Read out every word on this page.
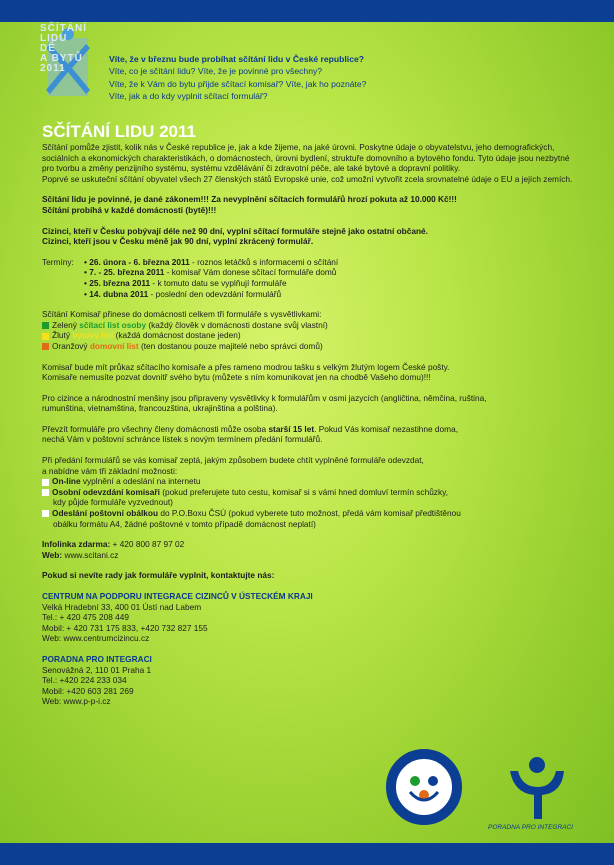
SČÍTÁNÍ
LIDU
DĚ
A BYTŮ
2011
Víte, že v březnu bude probíhat sčítání lidu v České republice?
Víte, co je sčítání lidu? Víte, že je povinné pro všechny?
Víte, že k Vám do bytu přijde sčítací komisař? Víte, jak ho poznáte?
Víte, jak a do kdy vyplnit sčítací formulář?
SČÍTÁNÍ LIDU 2011

Sčítání pomůže zjistit, kolik nás v České republice je, jak a kde žijeme, na jaké úrovni. Poskytne údaje o obyvatelstvu, jeho demografických, sociálních a ekonomických charakteristikách, o domácnostech, úrovni bydlení, struktuře domovního a bytového fondu. Tyto údaje jsou nezbytné pro tvorbu a změny penzijního systému, systému vzdělávání či zdravotní péče, ale také bytové a dopravní politiky.

Poprvé se uskuteční sčítání obyvatel všech 27 členských států Evropské unie, což umožní vytvořit zcela srovnatelné údaje o EU a jejích zemích.

Sčítání lidu je povinné, je dané zákonem!!! Za nevyplnění sčítacích formulářů hrozí pokuta až 10.000 Kč!!!

Sčítání probíhá v každé domácnosti (bytě)!!!

Cizinci, kteří v Česku pobývají déle než 90 dní, vyplní sčítací formuláře stejně jako ostatní občané.

Cizinci, kteří jsou v Česku méně jak 90 dní, vyplní zkrácený formulář.

Termíny:
•	26. února - 6. března 2011 - roznos letáčků s informacemi o sčítání
• 7. - 25. března 2011 - komisař Vám donese sčítací formuláře domů
• 25. března 2011 - k tomuto datu se vyplňují formuláře
• 14. dubna 2011 - poslední den odevzdání formulářů

Sčítání Komisař přinese do domácnosti celkem tři formuláře s vysvětlivkami:

Zelený sčítací list osoby (každý člověk v domácnosti dostane svůj vlastní)

Žlutý bytový list (každá domácnost dostane jeden)

Oranžový domovní list (ten dostanou pouze majitelé nebo správci domů)

Komisař bude mít průkaz sčítacího komisaře a přes rameno modrou tašku s velkým žlutým logem České pošty.

Komisaře nemusíte pozvat dovnitř svého bytu (můžete s ním komunikovat jen na chodbě Vašeho domu)!!!

Pro cizince a národnostní menšiny jsou připraveny vysvětlivky k formulářům v osmi jazycích (angličtina, němčina, ruština,

rumunština, vietnamština, francouzština, ukrajinština a polština).

Převzít formuláře pro všechny členy domácnosti může osoba starší 15 let. Pokud Vás komisař nezastihne doma,

nechá Vám v poštovní schránce lístek s novým termínem předání formulářů.

Při předání formulářů se vás komisař zeptá, jakým způsobem budete chtít vyplněné formuláře odevzdat,

a nabídne vám tři základní možnosti:

On-line vyplnění a odeslání na internetu

Osobní odevzdání komisaři (pokud preferujete tuto cestu, komisař si s vámi hned domluví termín schůzky,

kdy půjde formuláře vyzvednout)

Odeslání poštovní obálkou do P.O.Boxu ČSÚ (pokud vyberete tuto možnost, předá vám komisař předtištěnou

obálku formátu A4, žádné poštovné v tomto případě domácnost neplatí)

Infolinka zdarma: + 420 800 87 97 02

Web: www.scitani.cz

Pokud si nevíte rady jak formuláře vyplnit, kontaktujte nás:

CENTRUM NA PODPORU INTEGRACE CIZINCŮ V ÚSTECKÉM KRAJI

Velká Hradební 33, 400 01 Ústí nad Labem

Tel.: + 420 475 208 449

Mobil: + 420 731 175 833, +420 732 827 155

Web: www.centrumcizincu.cz

PORADNA PRO INTEGRACI

Senovážná 2, 110 01 Praha 1

Tel.: +420 224 233 034

Mobil: +420 603 281 269

Web: www.p-p-i.cz

PORADNA PRO INTEGRACI
